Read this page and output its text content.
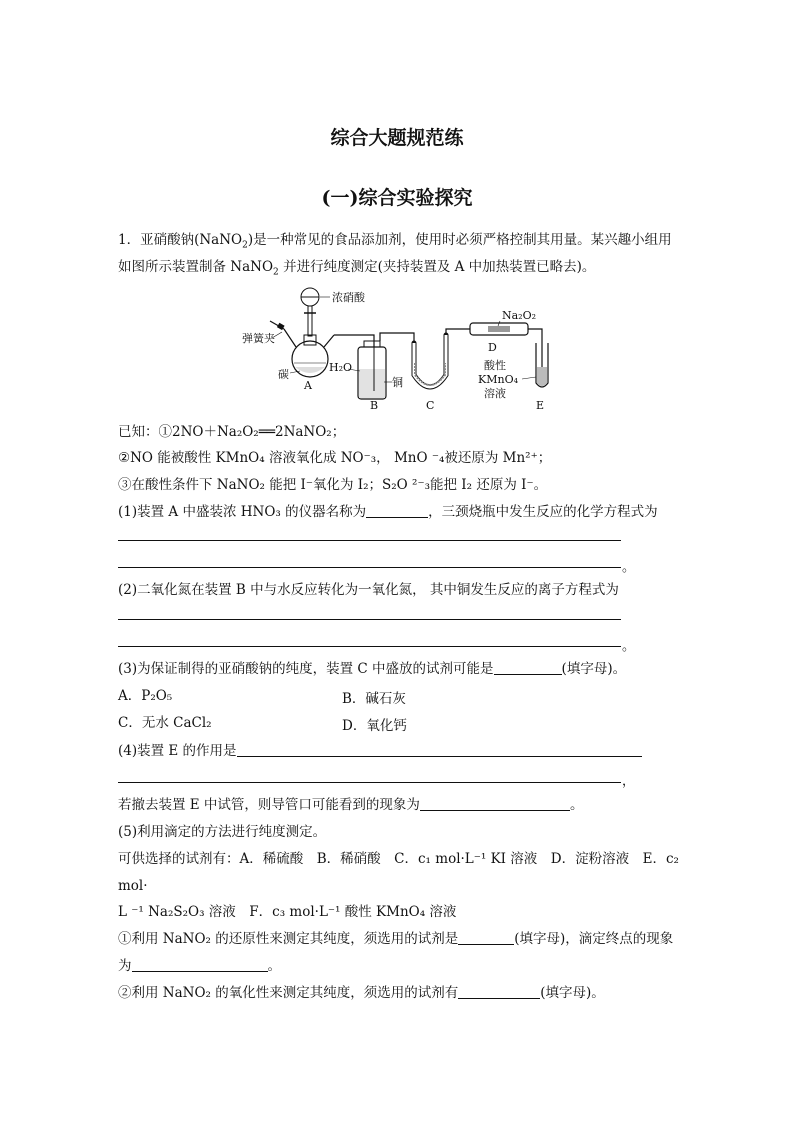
综合大题规范练
(一)综合实验探究
1．亚硝酸钠(NaNO$_2$)是一种常见的食品添加剂，使用时必须严格控制其用量。某兴趣小组用
如图所示装置制备 NaNO$_2$ 并进行纯度测定(夹持装置及 A 中加热装置已略去)。
浓硝酸
弹簧夹
碳
A
H₂O
铜
B	C
Na₂O₂
D
酸性
KMnO₄
溶液
E
已知：①2NO＋Na₂O₂══2NaNO₂；
②NO 能被酸性 KMnO₄ 溶液氧化成 NO⁻₃， MnO ⁻₄被还原为 Mn²⁺；
③在酸性条件下 NaNO₂ 能把 I⁻氧化为 I₂；S₂O ²⁻₃能把 I₂ 还原为 I⁻。
(1)装置 A 中盛装浓 HNO₃ 的仪器名称为	，三颈烧瓶中发生反应的化学方程式为
。
(2)二氧化氮在装置 B 中与水反应转化为一氧化氮， 其中铜发生反应的离子方程式为
。
(3)为保证制得的亚硝酸钠的纯度，装置 C 中盛放的试剂可能是	(填字母)。
A．P₂O₅	B．碱石灰
C．无水 CaCl₂	D．氧化钙
(4)装置 E 的作用是
，
若撤去装置 E 中试管，则导管口可能看到的现象为	。
(5)利用滴定的方法进行纯度测定。
可供选择的试剂有：A．稀硫酸　B．稀硝酸　C．c₁ mol·L⁻¹ KI 溶液　D．淀粉溶液　E．c₂
mol·
L ⁻¹ Na₂S₂O₃ 溶液　F．c₃ mol·L⁻¹ 酸性 KMnO₄ 溶液
①利用 NaNO₂ 的还原性来测定其纯度，须选用的试剂是	(填字母)，滴定终点的现象
为	。
②利用 NaNO₂ 的氧化性来测定其纯度，须选用的试剂有	(填字母)。
